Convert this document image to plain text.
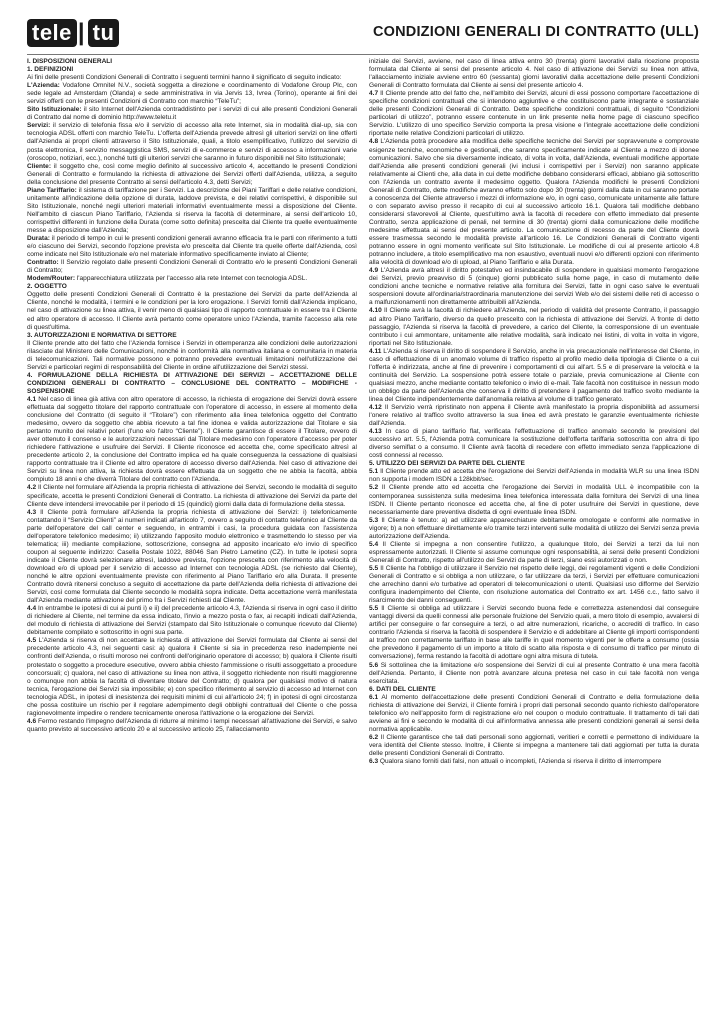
tele | tu	CONDIZIONI GENERALI DI CONTRATTO (ULL)

I. DISPOSIZIONI GENERALI

1. DEFINIZIONI

Ai fini delle presenti Condizioni Generali di Contratto i seguenti termini hanno il significato di seguito indicato:

L'Azienda: Vodafone Omnitel N.V., società soggetta a direzione e coordinamento di Vodafone Group Plc, con sede legale ad Amsterdam (Olanda) e sede amministrativa in via Jervis 13, Ivrea (Torino), operante ai fini dei servizi offerti con le presenti Condizioni di Contratto con marchio “TeleTu”;

Sito Istituzionale: il sito Internet dell'Azienda contraddistinto per i servizi di cui alle presenti Condizioni Generali di Contratto dal nome di dominio http://www.teletu.it

Servizi: il servizio di telefonia fissa e/o il servizio di accesso alla rete Internet, sia in modalità dial-up, sia con tecnologia ADSL offerti con marchio TeleTu. L'offerta dell'Azienda prevede altresì gli ulteriori servizi on line offerti dall'Azienda ai propri clienti attraverso il Sito Istituzionale, quali, a titolo esemplificativo, l'utilizzo del servizio di posta elettronica, il servizio messaggistica SMS, servizi di e-commerce e servizi di accesso a informazioni varie (oroscopo, notiziari, ecc.), nonché tutti gli ulteriori servizi che saranno in futuro disponibili nel Sito Istituzionale;

Cliente: il soggetto che, così come meglio definito al successivo articolo 4, accettando le presenti Condizioni Generali di Contratto e formulando la richiesta di attivazione dei Servizi offerti dall'Azienda, utilizza, a seguito della conclusione del presente Contratto ai sensi dell'articolo 4.3, detti Servizi;

Piano Tariffario: il sistema di tariffazione per i Servizi. La descrizione dei Piani Tariffari e delle relative condizioni, unitamente all'indicazione della opzione di durata, laddove prevista, e dei relativi corrispettivi, è disponibile sul Sito Istituzionale, nonché negli ulteriori materiali informativi eventualmente messi a disposizione del Cliente. Nell'ambito di ciascun Piano Tariffario, l'Azienda si riserva la facoltà di determinare, ai sensi dell'articolo 10, corrispettivi differenti in funzione della Durata (come sotto definita) prescelta dal Cliente tra quelle eventualmente messe a disposizione dall'Azienda;

Durata: il periodo di tempo in cui le presenti condizioni generali avranno efficacia fra le parti con riferimento a tutti e/o ciascuno dei Servizi, secondo l'opzione prevista e/o prescelta dal Cliente tra quelle offerte dall'Azienda, così come indicate nel Sito Istituzionale e/o nel materiale informativo specificamente inviato al Cliente;

Contratto: Il Servizio regolato dalle presenti Condizioni Generali di Contratto e/o le presenti Condizioni Generali di Contratto;

Modem/Router: l'apparecchiatura utilizzata per l'accesso alla rete Internet con tecnologia ADSL.

2. OGGETTO

Oggetto delle presenti Condizioni Generali di Contratto è la prestazione dei Servizi da parte dell'Azienda al Cliente, nonché le modalità, i termini e le condizioni per la loro erogazione. I Servizi forniti dall'Azienda implicano, nel caso di attivazione su linea attiva, il venir meno di qualsiasi tipo di rapporto contrattuale in essere tra il Cliente ed altro operatore di accesso. Il Cliente avrà pertanto come operatore unico l'Azienda, tramite l'accesso alla rete di quest'ultima.

3. AUTORIZZAZIONI E NORMATIVA DI SETTORE

Il Cliente prende atto del fatto che l'Azienda fornisce i Servizi in ottemperanza alle condizioni delle autorizzazioni rilasciate dal Ministero delle Comunicazioni, nonché in conformità alla normativa italiana e comunitaria in materia di telecomunicazioni. Tali normative possono e potranno prevedere eventuali limitazioni nell'utilizzazione dei Servizi e particolari regimi di responsabilità del Cliente in ordine all'utilizzazione dei Servizi stessi.

4. FORMULAZIONE DELLA RICHIESTA DI ATTIVAZIONE DEI SERVIZI – ACCETTAZIONE DELLE CONDIZIONI GENERALI DI CONTRATTO – CONCLUSIONE DEL CONTRATTO – MODIFICHE - SOSPENSIONE

4.1 Nel caso di linea già attiva con altro operatore di accesso, la richiesta di erogazione dei Servizi dovrà essere effettuata dal soggetto titolare del rapporto contrattuale con l'operatore di accesso, in essere al momento della conclusione del Contratto (di seguito il “Titolare”) con riferimento alla linea telefonica oggetto del Contratto medesimo, ovvero da soggetto che abbia ricevuto a tal fine idonea e valida autorizzazione dal Titolare e sia pertanto munito dei relativi poteri (l'uno e/o l'altro “Cliente”). Il Cliente garantisce di essere il Titolare, ovvero di aver ottenuto il consenso e le autorizzazioni necessari dal Titolare medesimo con l'operatore d'accesso per poter richiedere l'attivazione e usufruire dei Servizi. Il Cliente riconosce ed accetta che, come specificato altresì al precedente articolo 2, la conclusione del Contratto implica ed ha quale conseguenza la cessazione di qualsiasi rapporto contrattuale tra il Cliente ed altro operatore di accesso diverso dall'Azienda. Nel caso di attivazione dei Servizi su linea non attiva, la richiesta dovrà essere effettuata da un soggetto che ne abbia la facoltà, abbia compiuto 18 anni e che diverrà Titolare del contratto con l'Azienda.

4.2 Il Cliente nel formulare all'Azienda la propria richiesta di attivazione dei Servizi, secondo le modalità di seguito specificate, accetta le presenti Condizioni Generali di Contratto. La richiesta di attivazione dei Servizi da parte del Cliente deve intendersi irrevocabile per il periodo di 15 (quindici) giorni dalla data di formulazione della stessa.

4.3 Il Cliente potrà formulare all'Azienda la propria richiesta di attivazione dei Servizi: i) telefonicamente contattando il “Servizio Clienti” ai numeri indicati all'articolo 7, ovvero a seguito di contatto telefonico al Cliente da parte dell'operatore del call center e seguendo, in entrambi i casi, la procedura guidata con l'assistenza dell'operatore telefonico medesimo; ii) utilizzando l'apposito modulo elettronico e trasmettendo lo stesso per via telematica; iii) mediante compilazione, sottoscrizione, consegna ad apposito incaricato e/o invio di specifico coupon al seguente indirizzo: Casella Postale 1022, 88046 San Pietro Lametino (CZ). In tutte le ipotesi sopra indicate il Cliente dovrà selezionare altresì, laddove prevista, l'opzione prescelta con riferimento alla velocità di download e/o di upload per il servizio di accesso ad Internet con tecnologia ADSL (se richiesto dal Cliente), nonché le altre opzioni eventualmente previste con riferimento al Piano Tariffario e/o alla Durata. Il presente Contratto dovrà ritenersi concluso a seguito di accettazione da parte dell'Azienda della richiesta di attivazione dei Servizi, così come formulata dal Cliente secondo le modalità sopra indicate. Detta accettazione verrà manifestata dall'Azienda mediante attivazione del primo fra i Servizi richiesti dal Cliente.

4.4 In entrambe le ipotesi di cui ai punti i) e ii) del precedente articolo 4.3, l'Azienda si riserva in ogni caso il diritto di richiedere al Cliente, nel termine da essa indicato, l'invio a mezzo posta o fax, ai recapiti indicati dall'Azienda, del modulo di richiesta di attivazione dei Servizi (stampato dal Sito Istituzionale o comunque ricevuto dal Cliente) debitamente compilato e sottoscritto in ogni sua parte.

4.5 L'Azienda si riserva di non accettare la richiesta di attivazione dei Servizi formulata dal Cliente ai sensi del precedente articolo 4.3, nei seguenti casi: a) qualora il Cliente si sia in precedenza reso inadempiente nei confronti dell'Azienda, o risulti moroso nei confronti dell'originario operatore di accesso; b) qualora il Cliente risulti protestato o soggetto a procedure esecutive, ovvero abbia chiesto l'ammissione o risulti assoggettato a procedure concorsuali; c) qualora, nel caso di attivazione su linea non attiva, il soggetto richiedente non risulti maggiorenne o comunque non abbia la facoltà di diventare titolare del Contratto; d) qualora per qualsiasi motivo di natura tecnica, l'erogazione dei Servizi sia impossibile; e) con specifico riferimento al servizio di accesso ad Internet con tecnologia ADSL, in ipotesi di inesistenza dei requisiti minimi di cui all'articolo 24; f) in ipotesi di ogni circostanza che possa costituire un rischio per il regolare adempimento degli obblighi contrattuali del Cliente o che possa ragionevolmente impedire o rendere tecnicamente onerosa l'attivazione o la erogazione dei Servizi.

4.6 Fermo restando l'impegno dell'Azienda di ridurre al minimo i tempi necessari all'attivazione dei Servizi, e salvo quanto previsto al successivo articolo 20 e al successivo articolo 25, l'allacciamento

iniziale dei Servizi, avviene, nel caso di linea attiva entro 30 (trenta) giorni lavorativi dalla ricezione proposta formulata dal Cliente ai sensi del presente articolo 4. Nel caso di attivazione dei Servizi su linea non attiva, l'allacciamento iniziale avviene entro 60 (sessanta) giorni lavorativi dalla accettazione delle presenti Condizioni Generali di Contratto formulata dal Cliente ai sensi del presente articolo 4.

4.7 Il Cliente prende atto del fatto che, nell'ambito dei Servizi, alcuni di essi possono comportare l'accettazione di specifiche condizioni contrattuali che si intendono aggiuntive e che costituiscono parte integrante e sostanziale delle presenti Condizioni Generali di Contratto. Dette specifiche condizioni contrattuali, di seguito “Condizioni particolari di utilizzo”, potranno essere contenute in un link presente nella home page di ciascuno specifico Servizio. L'utilizzo di uno specifico Servizio comporta la presa visione e l'integrale accettazione delle condizioni riportate nelle relative Condizioni particolari di utilizzo.

4.8 L'Azienda potrà procedere alla modifica delle specifiche tecniche dei Servizi per sopravvenute e comprovate esigenze tecniche, economiche e gestionali, che saranno specificamente indicate al Cliente a mezzo di idonee comunicazioni. Salvo che sia diversamente indicato, di volta in volta, dall'Azienda, eventuali modifiche apportate dall'Azienda alle presenti condizioni generali (ivi inclusi i corrispettivi per i Servizi) non saranno applicate relativamente ai Clienti che, alla data in cui dette modifiche debbano considerarsi efficaci, abbiano già sottoscritto con l'Azienda un contratto avente il medesimo oggetto. Qualora l'Azienda modifichi le presenti Condizioni Generali di Contratto, dette modifiche avranno effetto solo dopo 30 (trenta) giorni dalla data in cui saranno portate a conoscenza del Cliente attraverso i mezzi di informazione e/o, in ogni caso, comunicate unitamente alle fatture o con separato avviso presso il recapito di cui al successivo articolo 16.1. Qualora tali modifiche debbano considerarsi sfavorevoli al Cliente, quest'ultimo avrà la facoltà di recedere con effetto immediato dal presente Contratto, senza applicazione di penali, nel termine di 30 (trenta) giorni dalla comunicazione delle modifiche medesime effettuata ai sensi del presente articolo. La comunicazione di recesso da parte del Cliente dovrà essere trasmessa secondo le modalità previste all'articolo 16. Le Condizioni Generali di Contratto vigenti potranno essere in ogni momento verificate sul Sito Istituzionale. Le modifiche di cui al presente articolo 4.8 potranno includere, a titolo esemplificativo ma non esaustivo, eventuali nuovi e/o differenti opzioni con riferimento alla velocità di download e/o di upload, al Piano Tariffario e alla Durata.

4.9 L'Azienda avrà altresì il diritto potestativo ed insindacabile di sospendere in qualsiasi momento l'erogazione dei Servizi, previo preavviso di 5 (cinque) giorni pubblicato sulla home page, in caso di mutamento delle condizioni anche tecniche e normative relative alla fornitura dei Servizi, fatte in ogni caso salve le eventuali sospensioni dovute all'ordinaria/straordinaria manutenzione dei servizi Web e/o dei sistemi delle reti di accesso o a malfunzionamenti non direttamente attribuibili all'Azienda.

4.10 Il Cliente avrà la facoltà di richiedere all'Azienda, nel periodo di validità del presente Contratto, il passaggio ad altro Piano Tariffario, diverso da quello prescelto con la richiesta di attivazione dei Servizi. A fronte di detto passaggio, l'Azienda si riserva la facoltà di prevedere, a carico del Cliente, la corresponsione di un eventuale contributo i cui ammontare, unitamente alle relative modalità, sarà indicato nei listini, di volta in volta in vigore, riportati nel Sito Istituzionale.

4.11 L'Azienda si riserva il diritto di sospendere il Servizio, anche in via precauzionale nell'interesse del Cliente, in caso di effettuazione di un anomalo volume di traffico rispetto al profilo medio della tipologia di Cliente o a cui l'offerta è indirizzata, anche al fine di prevenire i comportamenti di cui all'art. 5.5 e di preservare la velocità e la continuità del Servizio. La sospensione potrà essere totale o parziale, previa comunicazione al Cliente con qualsiasi mezzo, anche mediante contatto telefonico o invio di e-mail. Tale facoltà non costituisce in nessun modo un obbligo da parte dell'Azienda che conserva il diritto di pretendere il pagamento del traffico svolto mediante la linea del Cliente indipendentemente dall'anomalia relativa al volume di traffico generato.

4.12 Il Servizio verrà ripristinato non appena il Cliente avrà manifestato la propria disponibilità ad assumersi l'onere relativo al traffico svolto attraverso la sua linea ed avrà prestato le garanzie eventualmente richieste dall'Azienda.

4.13 In caso di piano tariffario flat, verificata l'effettuazione di traffico anomalo secondo le previsioni del successivo art. 5.5, l'Azienda potrà comunicare la sostituzione dell'offerta tariffaria sottoscritta con altra di tipo diverso semiflat o a consumo. Il Cliente avrà facoltà di recedere con effetto immediato senza l'applicazione di costi connessi al recesso.

5. UTILIZZO DEI SERVIZI DA PARTE DEL CLIENTE

5.1 Il Cliente prende atto ed accetta che l'erogazione dei Servizi dell'Azienda in modalità WLR su una linea ISDN non supporta i modem ISDN a 128kbit/sec.

5.2 Il Cliente prende atto ed accetta che l'erogazione dei Servizi in modalità ULL è incompatibile con la contemporanea sussistenza sulla medesima linea telefonica interessata dalla fornitura dei Servizi di una linea ISDN. Il Cliente pertanto riconosce ed accetta che, al fine di poter usufruire dei Servizi in questione, deve necessariamente dare preventiva disdetta di ogni eventuale linea ISDN.

5.3 Il Cliente è tenuto: a) ad utilizzare apparecchiature debitamente omologate e conformi alle normative in vigore; b) a non effettuare direttamente e/o tramite terzi interventi sulle modalità di utilizzo dei Servizi senza previa autorizzazione dell'Azienda.

5.4 Il Cliente si impegna a non consentire l'utilizzo, a qualunque titolo, dei Servizi a terzi da lui non espressamente autorizzati. Il Cliente si assume comunque ogni responsabilità, ai sensi delle presenti Condizioni Generali di Contratto, rispetto all'utilizzo dei Servizi da parte di terzi, siano essi autorizzati o non.

5.5 Il Cliente ha l'obbligo di utilizzare il Servizio nel rispetto delle leggi, dei regolamenti vigenti e delle Condizioni Generali di Contratto e si obbliga a non utilizzare, o far utilizzare da terzi, i Servizi per effettuare comunicazioni che arrechino danni e/o turbative ad operatori di telecomunicazioni o utenti. Qualsiasi uso difforme del Servizio configura inadempimento del Cliente, con risoluzione automatica del Contratto ex art. 1456 c.c., fatto salvo il risarcimento dei danni conseguenti.

5.5 Il Cliente si obbliga ad utilizzare i Servizi secondo buona fede e correttezza astenendosi dal conseguire vantaggi diversi da quelli connessi alle personale fruizione del Servizio quali, a mero titolo di esempio, avvalersi di artifici per conseguire o far conseguire a terzi, o ad altre numerazioni, ricariche, o accrediti di traffico. In caso contrario l'Azienda si riserva la facoltà di sospendere il Servizio e di addebitare al Cliente gli importi corrispondenti al traffico non correttamente tariffato in base alle tariffe in quel momento vigenti per le offerte a consumo (ossia che prevedono il pagamento di un importo a titolo di scatto alla risposta e di consumo di traffico per minuto di conversazione), ferma restando la facoltà di adottare ogni altra misura di tutela.

5.6 Si sottolinea che la limitazione e/o sospensione dei Servizi di cui al presente Contratto è una mera facoltà dell'Azienda. Pertanto, il Cliente non potrà avanzare alcuna pretesa nel caso in cui tale facoltà non venga esercitata.

6. DATI DEL CLIENTE

6.1 Al momento dell'accettazione delle presenti Condizioni Generali di Contratto e della formulazione della richiesta di attivazione dei Servizi, il Cliente fornirà i propri dati personali secondo quanto richiesto dall'operatore telefonico e/o nell'apposito form di registrazione e/o nel coupon o modulo contrattuale. Il trattamento di tali dati avviene ai fini e secondo le modalità di cui all'informativa annessa alle presenti condizioni generali ai sensi della normativa applicabile.

6.2 Il Cliente garantisce che tali dati personali sono aggiornati, veritieri e corretti e permettono di individuare la vera identità del Cliente stesso. Inoltre, il Cliente si impegna a mantenere tali dati aggiornati per tutta la durata delle presenti Condizioni Generali di Contratto.

6.3 Qualora siano forniti dati falsi, non attuali o incompleti, l'Azienda si riserva il diritto di interrompere
